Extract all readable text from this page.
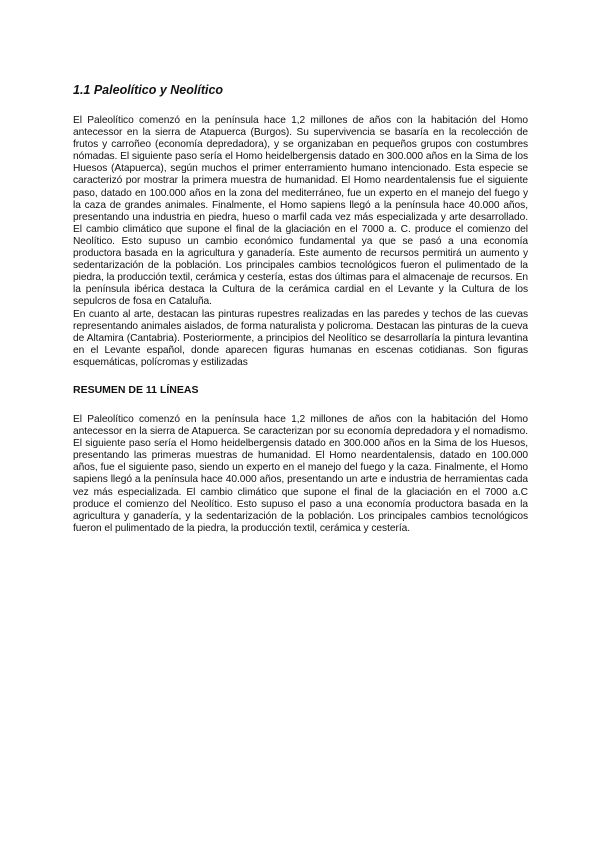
1.1 Paleolítico y Neolítico

El Paleolítico comenzó en la península hace 1,2 millones de años con la habitación del Homo antecessor en la sierra de Atapuerca (Burgos). Su supervivencia se basaría en la recolección de frutos y carroñeo (economía depredadora), y se organizaban en pequeños grupos con costumbres nómadas. El siguiente paso sería el Homo heidelbergensis datado en 300.000 años en la Sima de los Huesos (Atapuerca), según muchos el primer enterramiento humano intencionado. Esta especie se caracterizó por mostrar la primera muestra de humanidad. El Homo neardentalensis fue el siguiente paso, datado en 100.000 años en la zona del mediterráneo, fue un experto en el manejo del fuego y la caza de grandes animales. Finalmente, el Homo sapiens llegó a la península hace 40.000 años, presentando una industria en piedra, hueso o marfil cada vez más especializada y arte desarrollado. El cambio climático que supone el final de la glaciación en el 7000 a. C. produce el comienzo del Neolítico. Esto supuso un cambio económico fundamental ya que se pasó a una economía productora basada en la agricultura y ganadería. Este aumento de recursos permitirá un aumento y sedentarización de la población. Los principales cambios tecnológicos fueron el pulimentado de la piedra, la producción textil, cerámica y cestería, estas dos últimas para el almacenaje de recursos. En la península ibérica destaca la Cultura de la cerámica cardial en el Levante y la Cultura de los sepulcros de fosa en Cataluña.

En cuanto al arte, destacan las pinturas rupestres realizadas en las paredes y techos de las cuevas representando animales aislados, de forma naturalista y policroma. Destacan las pinturas de la cueva de Altamira (Cantabria). Posteriormente, a principios del Neolítico se desarrollaría la pintura levantina en el Levante español, donde aparecen figuras humanas en escenas cotidianas. Son figuras esquemáticas, polícromas y estilizadas

RESUMEN DE 11 LÍNEAS

El Paleolítico comenzó en la península hace 1,2 millones de años con la habitación del Homo antecessor en la sierra de Atapuerca. Se caracterizan por su economía depredadora y el nomadismo. El siguiente paso sería el Homo heidelbergensis datado en 300.000 años en la Sima de los Huesos, presentando las primeras muestras de humanidad. El Homo neardentalensis, datado en 100.000 años, fue el siguiente paso, siendo un experto en el manejo del fuego y la caza. Finalmente, el Homo sapiens llegó a la península hace 40.000 años, presentando un arte e industria de herramientas cada vez más especializada. El cambio climático que supone el final de la glaciación en el 7000 a.C produce el comienzo del Neolítico. Esto supuso el paso a una economía productora basada en la agricultura y ganadería, y la sedentarización de la población. Los principales cambios tecnológicos fueron el pulimentado de la piedra, la producción textil, cerámica y cestería.
